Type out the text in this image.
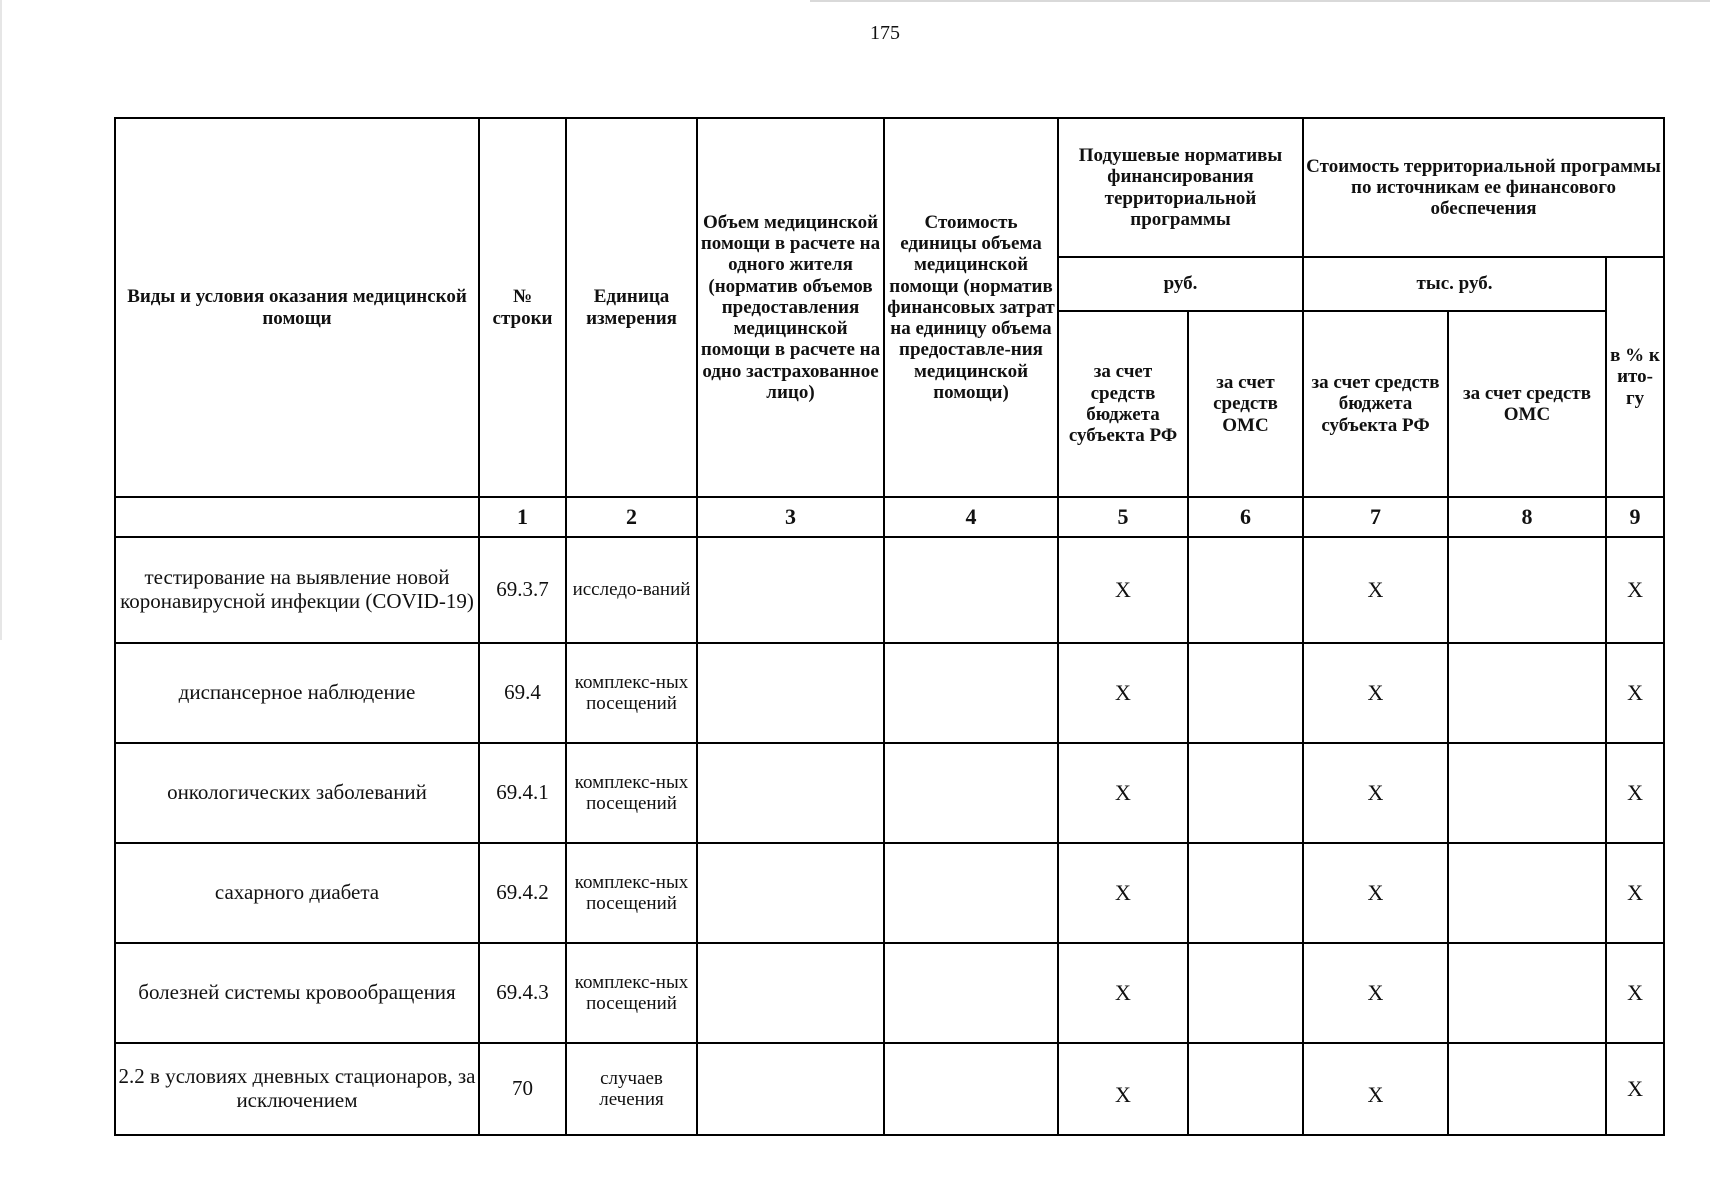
175
Виды и условия оказания медицинской помощи	№ строки	Единица измерения	Объем медицинской помощи в расчете на одного жителя (норматив объемов предоставления медицинской помощи в расчете на одно застрахованное лицо)	Стоимость единицы объема медицинской помощи (норматив финансовых затрат на единицу объема предоставле-ния медицинской помощи)	Подушевые нормативы финансирования территориальной программы		Стоимость территориальной программы по источникам ее финансового обеспечения		
					руб.		тыс. руб.		в % к ито-гу
					за счет средств бюджета субъекта РФ	за счет средств ОМС	за счет средств бюджета субъекта РФ	за счет средств ОМС	
	1	2	3	4	5	6	7	8	9
тестирование на выявление новой коронавирусной инфекции (COVID-19)	69.3.7	исследо-ваний			Х		Х		Х
диспансерное наблюдение	69.4	комплекс-ных посещений			Х		Х		Х
онкологических заболеваний	69.4.1	комплекс-ных посещений			Х		Х		Х
сахарного диабета	69.4.2	комплекс-ных посещений			Х		Х		Х
болезней системы кровообращения	69.4.3	комплекс-ных посещений			Х		Х		Х
2.2 в условиях дневных стационаров, за исключением	70	случаев лечения			Х		Х		Х
